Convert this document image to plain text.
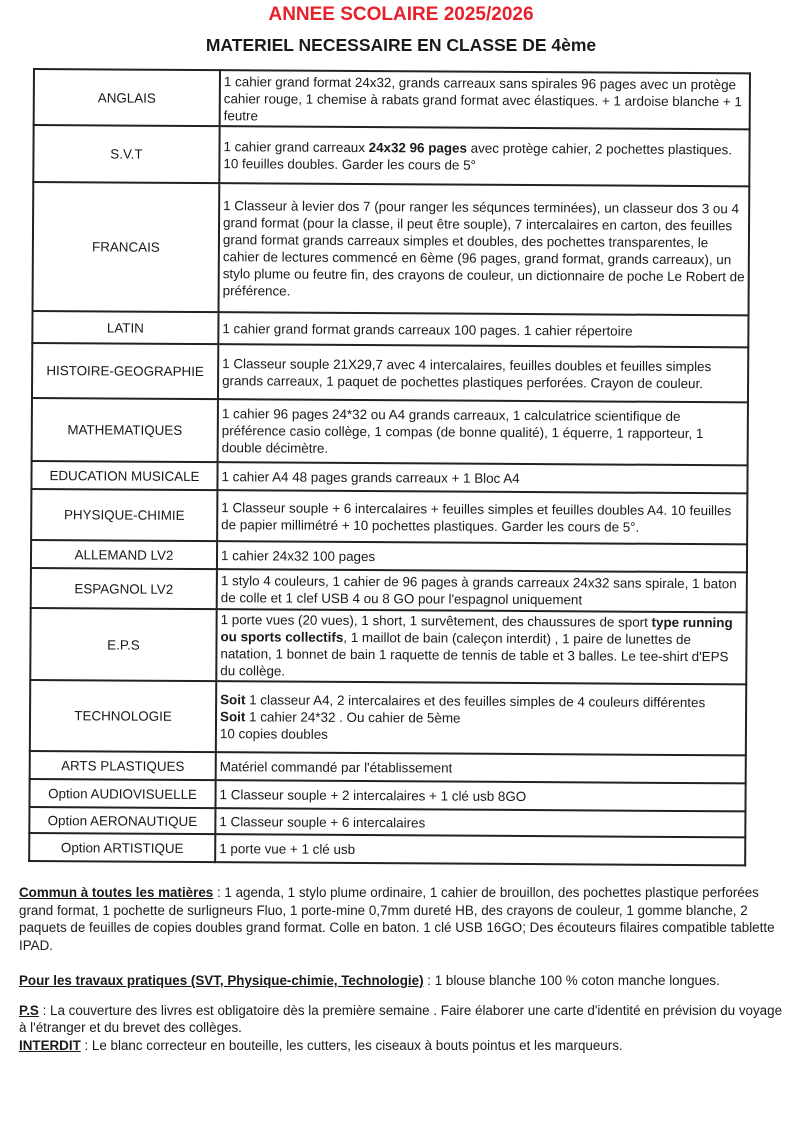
ANNEE SCOLAIRE 2025/2026
MATERIEL NECESSAIRE EN CLASSE DE 4ème
ANGLAIS	1 cahier grand format 24x32, grands carreaux sans spirales 96 pages avec un protège cahier rouge, 1 chemise à rabats grand format avec élastiques. + 1 ardoise blanche + 1 feutre
S.V.T	1 cahier grand carreaux 24x32 96 pages avec protège cahier, 2 pochettes plastiques. 10 feuilles doubles. Garder les cours de 5°
FRANCAIS	1 Classeur à levier dos 7 (pour ranger les séqunces terminées), un classeur dos 3 ou 4 grand format (pour la classe, il peut être souple), 7 intercalaires en carton, des feuilles grand format grands carreaux simples et doubles, des pochettes transparentes, le cahier de lectures commencé en 6ème (96 pages, grand format, grands carreaux), un stylo plume ou feutre fin, des crayons de couleur, un dictionnaire de poche Le Robert de préférence.
LATIN	1 cahier grand format grands carreaux 100 pages. 1 cahier répertoire
HISTOIRE-GEOGRAPHIE	1 Classeur souple 21X29,7 avec 4 intercalaires, feuilles doubles et feuilles simples grands carreaux, 1 paquet de pochettes plastiques perforées. Crayon de couleur.
MATHEMATIQUES	1 cahier 96 pages 24*32 ou A4 grands carreaux, 1 calculatrice scientifique de préférence casio collège, 1 compas (de bonne qualité), 1 équerre, 1 rapporteur, 1 double décimètre.
EDUCATION MUSICALE	1 cahier A4 48 pages grands carreaux + 1 Bloc A4
PHYSIQUE-CHIMIE	1 Classeur souple + 6 intercalaires + feuilles simples et feuilles doubles A4. 10 feuilles de papier millimétré + 10 pochettes plastiques. Garder les cours de 5°.
ALLEMAND LV2	1 cahier 24x32 100 pages
ESPAGNOL LV2	1 stylo 4 couleurs, 1 cahier de 96 pages à grands carreaux 24x32 sans spirale, 1 baton de colle et 1 clef USB 4 ou 8 GO pour l'espagnol uniquement
E.P.S	1 porte vues (20 vues), 1 short, 1 survêtement, des chaussures de sport type running ou sports collectifs, 1 maillot de bain (caleçon interdit) , 1 paire de lunettes de natation, 1 bonnet de bain 1 raquette de tennis de table et 3 balles. Le tee-shirt d'EPS du collège.
TECHNOLOGIE	Soit 1 classeur A4, 2 intercalaires et des feuilles simples de 4 couleurs différentes
Soit 1 cahier 24*32 . Ou cahier de 5ème
10 copies doubles
ARTS PLASTIQUES	Matériel commandé par l'établissement
Option AUDIOVISUELLE	1 Classeur souple + 2 intercalaires + 1 clé usb 8GO
Option AERONAUTIQUE	1 Classeur souple + 6 intercalaires
Option ARTISTIQUE	1 porte vue + 1 clé usb

Commun à toutes les matières : 1 agenda, 1 stylo plume ordinaire, 1 cahier de brouillon, des pochettes plastique perforées grand format, 1 pochette de surligneurs Fluo, 1 porte-mine 0,7mm dureté HB, des crayons de couleur, 1 gomme blanche, 2 paquets de feuilles de copies doubles grand format. Colle en baton. 1 clé USB 16GO; Des écouteurs filaires compatible tablette IPAD.

Pour les travaux pratiques (SVT, Physique-chimie, Technologie) : 1 blouse blanche 100 % coton manche longues.

P.S : La couverture des livres est obligatoire dès la première semaine . Faire élaborer une carte d'identité en prévision du voyage à l'étranger et du brevet des collèges.

INTERDIT : Le blanc correcteur en bouteille, les cutters, les ciseaux à bouts pointus et les marqueurs.
